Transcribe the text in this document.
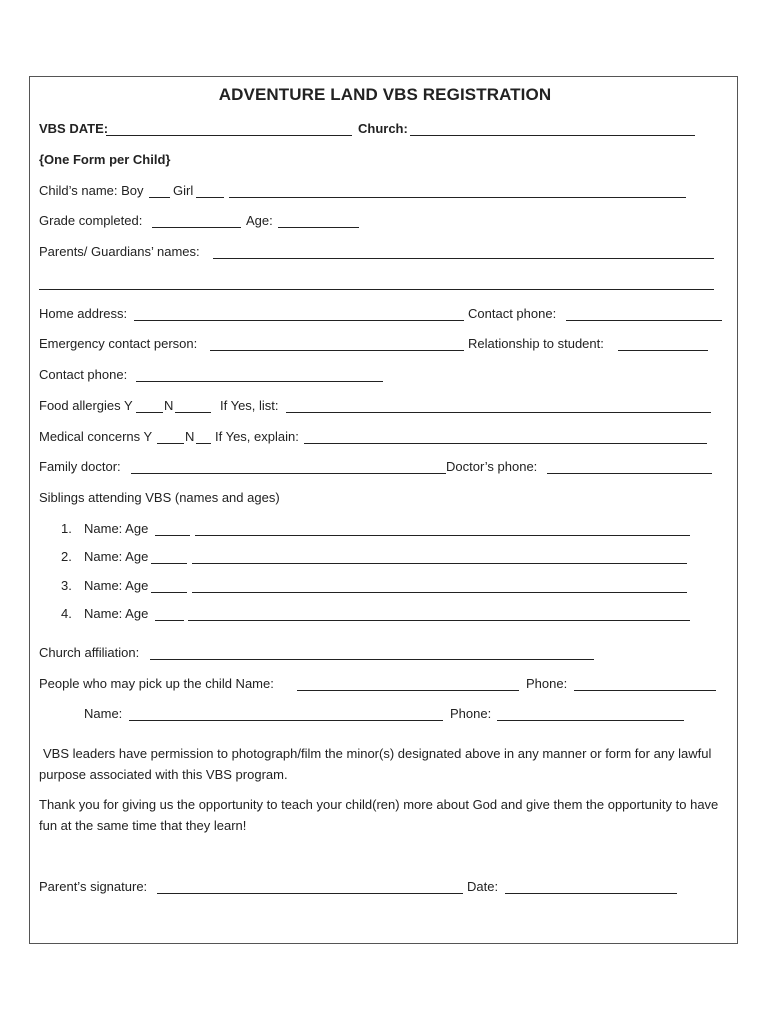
ADVENTURE LAND VBS REGISTRATION
VBS DATE:	Church:
{One Form per Child}
Child’s name: Boy Girl
Grade completed:	Age:
Parents/ Guardians’ names:
Home address:	Contact phone:
Emergency contact person:	Relationship to student:
Contact phone:
Food allergies Y N	If Yes, list:
Medical concerns Y	N If Yes, explain:
Family doctor:	Doctor’s phone:
Siblings attending VBS (names and ages)
1. Name: Age
2. Name: Age
3. Name: Age
4. Name: Age
Church affiliation:
People who may pick up the child Name:	Phone:
Name:	Phone:
VBS leaders have permission to photograph/film the minor(s) designated above in any manner or form for any lawful purpose associated with this VBS program.
Thank you for giving us the opportunity to teach your child(ren) more about God and give them the opportunity to have fun at the same time that they learn!
Parent’s signature:	Date:
